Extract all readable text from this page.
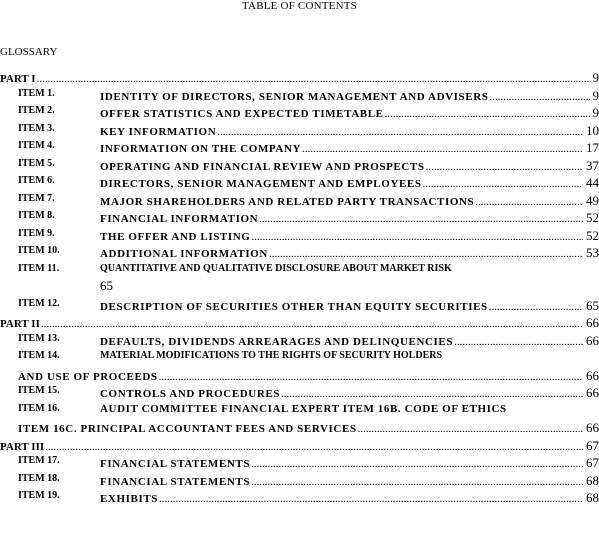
TABLE OF CONTENTS
GLOSSARY
PART I .....	9
ITEM 1.	IDENTITY OF DIRECTORS, SENIOR MANAGEMENT AND ADVISERS .....	9
ITEM 2.	OFFER STATISTICS AND EXPECTED TIMETABLE .....	9
ITEM 3.	KEY INFORMATION .....	10
ITEM 4.	INFORMATION ON THE COMPANY .....	17
ITEM 5.	OPERATING AND FINANCIAL REVIEW AND PROSPECTS .....	37
ITEM 6.	DIRECTORS, SENIOR MANAGEMENT AND EMPLOYEES .....	44
ITEM 7.	MAJOR SHAREHOLDERS AND RELATED PARTY TRANSACTIONS .....	49
ITEM 8.	FINANCIAL INFORMATION .....	52
ITEM 9.	THE OFFER AND LISTING .....	52
ITEM 10.	ADDITIONAL INFORMATION .....	53
ITEM 11.	QUANTITATIVE AND QUALITATIVE DISCLOSURE ABOUT MARKET RISK
65
ITEM 12.	DESCRIPTION OF SECURITIES OTHER THAN EQUITY SECURITIES .....	65
PART II .....	66
ITEM 13.	DEFAULTS, DIVIDENDS ARREARAGES AND DELINQUENCIES .....	66
ITEM 14.	MATERIAL MODIFICATIONS TO THE RIGHTS OF SECURITY HOLDERS
AND USE OF PROCEEDS .....	66
ITEM 15.	CONTROLS AND PROCEDURES .....	66
ITEM 16.	AUDIT COMMITTEE FINANCIAL EXPERT ITEM 16B. CODE OF ETHICS
ITEM 16C. PRINCIPAL ACCOUNTANT FEES AND SERVICES .....	66
PART III .....	67
ITEM 17.	FINANCIAL STATEMENTS .....	67
ITEM 18.	FINANCIAL STATEMENTS .....	68
ITEM 19.	EXHIBITS .....	68
